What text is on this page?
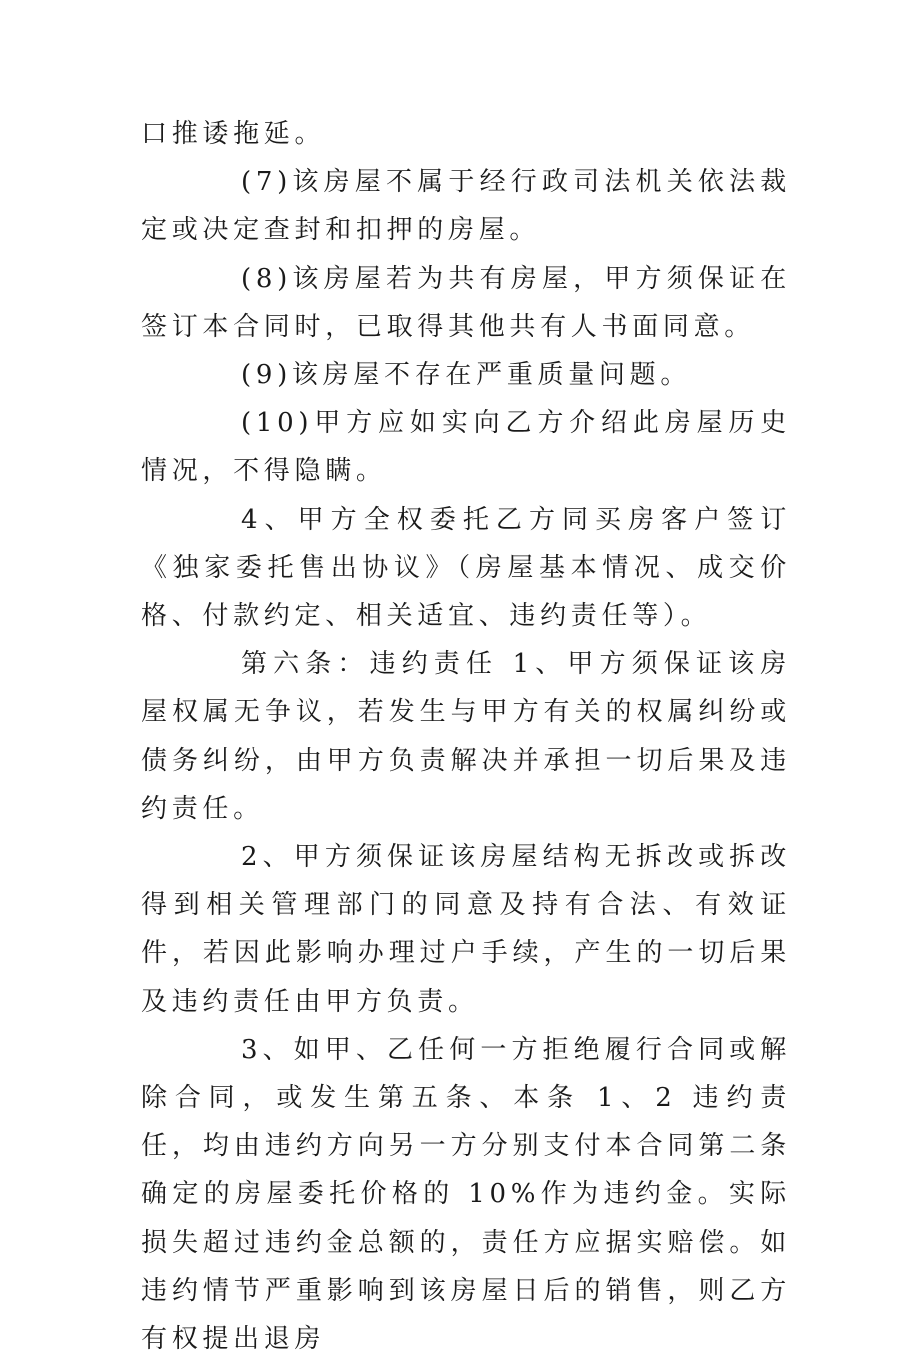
口推诿拖延。

(7)该房屋不属于经行政司法机关依法裁定或决定查封和扣押的房屋。

(8)该房屋若为共有房屋，甲方须保证在签订本合同时，已取得其他共有人书面同意。

(9)该房屋不存在严重质量问题。

(10)甲方应如实向乙方介绍此房屋历史情况，不得隐瞒。

4、甲方全权委托乙方同买房客户签订《独家委托售出协议》（房屋基本情况、成交价格、付款约定、相关适宜、违约责任等）。

第六条：违约责任 1、甲方须保证该房屋权属无争议，若发生与甲方有关的权属纠纷或债务纠纷，由甲方负责解决并承担一切后果及违约责任。

2、甲方须保证该房屋结构无拆改或拆改得到相关管理部门的同意及持有合法、有效证件，若因此影响办理过户手续，产生的一切后果及违约责任由甲方负责。

3、如甲、乙任何一方拒绝履行合同或解除合同，或发生第五条、本条 1、2 违约责任，均由违约方向另一方分别支付本合同第二条确定的房屋委托价格的 10%作为违约金。实际损失超过违约金总额的，责任方应据实赔偿。如违约情节严重影响到该房屋日后的销售，则乙方有权提出退房
